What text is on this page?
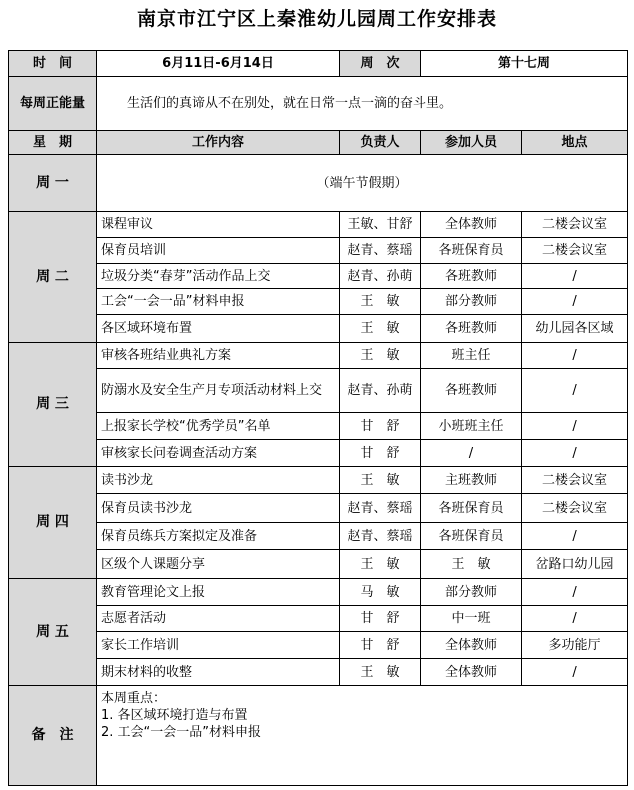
南京市江宁区上秦淮幼儿园周工作安排表
时　间	6月11日-6月14日	周　次	第十七周	
每周正能量	生活们的真谛从不在别处，就在日常一点一滴的奋斗里。			
星　期	工作内容	负责人	参加人员	地点
周 一	（端午节假期）			
周 二	课程审议	王敏、甘舒	全体教师	二楼会议室
	保育员培训	赵青、蔡瑶	各班保育员	二楼会议室
	垃圾分类“春芽”活动作品上交	赵青、孙萌	各班教师	/
	工会“一会一品”材料申报	王　敏	部分教师	/
	各区域环境布置	王　敏	各班教师	幼儿园各区域
周 三	审核各班结业典礼方案	王　敏	班主任	/
	防溺水及安全生产月专项活动材料上交	赵青、孙萌	各班教师	/
	上报家长学校“优秀学员”名单	甘　舒	小班班主任	/
	审核家长问卷调查活动方案	甘　舒	/	/
周 四	读书沙龙	王　敏	主班教师	二楼会议室
	保育员读书沙龙	赵青、蔡瑶	各班保育员	二楼会议室
	保育员练兵方案拟定及准备	赵青、蔡瑶	各班保育员	/
	区级个人课题分享	王　敏	王　敏	岔路口幼儿园
周 五	教育管理论文上报	马　敏	部分教师	/
	志愿者活动	甘　舒	中一班	/
	家长工作培训	甘　舒	全体教师	多功能厅
	期末材料的收整	王　敏	全体教师	/
备　注	本周重点：
1. 各区域环境打造与布置
2. 工会“一会一品”材料申报			
